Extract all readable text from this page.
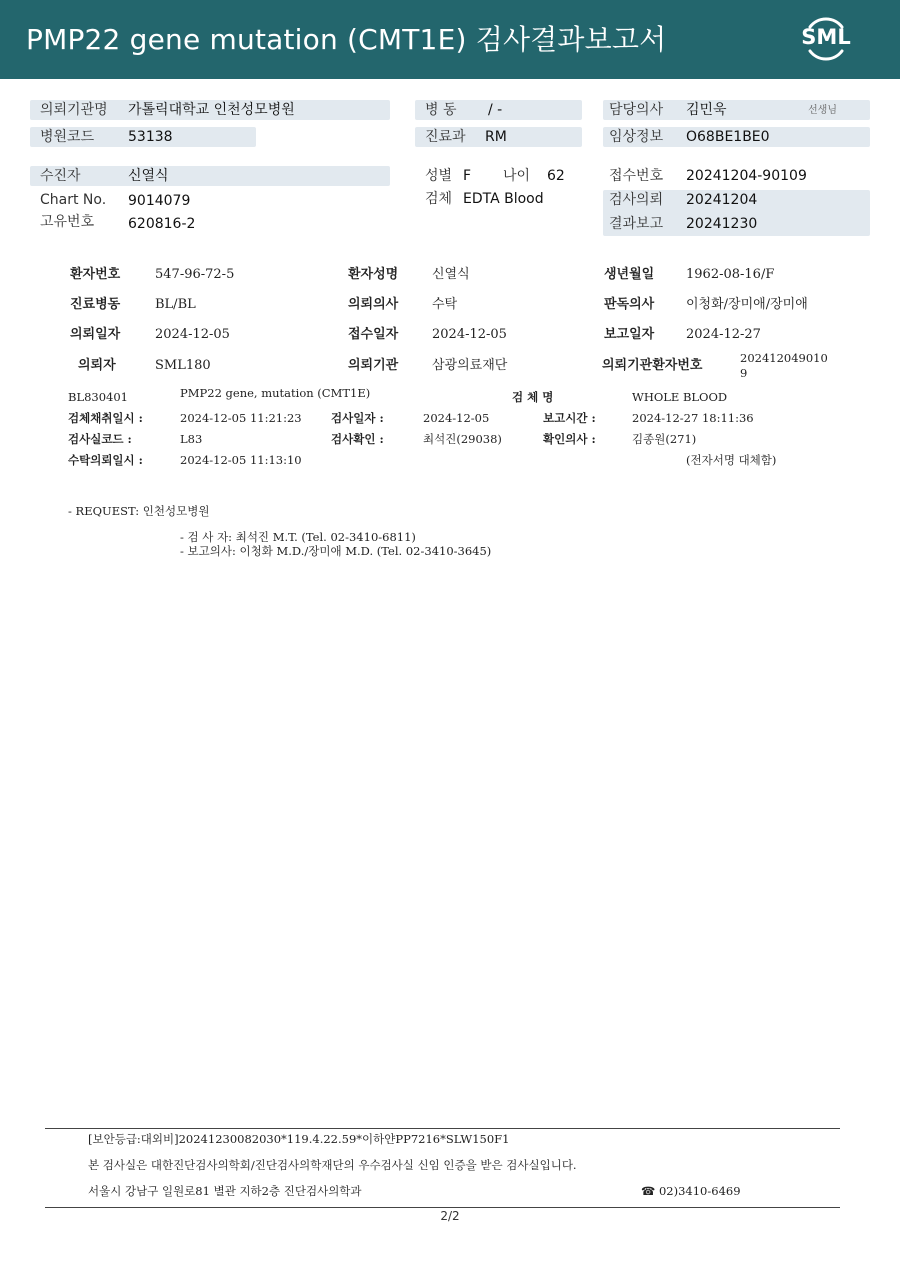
PMP22 gene mutation (CMT1E) 검사결과보고서	SML
의뢰기관명 가톨릭대학교 인천성모병원	병 동 / -	담당의사 김민욱	선생님
병원코드 53138	진료과 RM	임상정보 O68BE1BE0
수진자	신열식	성별 F 나이 62	접수번호 20241204-90109
Chart No. 9014079	검체 EDTA Blood	검사의뢰 20241204
고유번호 620816-2	결과보고 20241230
환자번호	547-96-72-5	환자성명	신열식	생년월일 1962-08-16/F
진료병동	BL/BL	의뢰의사	수탁	판독의사 이청화/장미애/장미애
의뢰일자	2024-12-05	접수일자	2024-12-05	보고일자 2024-12-27
의뢰자	SML180	의뢰기관	삼광의료재단	의뢰기관환자번호	202412049010
9
BL830401	PMP22 gene, mutation (CMT1E)	검 체 명	WHOLE BLOOD
검체채취일시 :	2024-12-05 11:21:23	검사일자 :	2024-12-05	보고시간 :	2024-12-27 18:11:36
검사실코드 :	L83	검사확인 :	최석진(29038)	확인의사 :	김종원(271)
수탁의뢰일시 :	2024-12-05 11:13:10	(전자서명 대체함)
- REQUEST: 인천성모병원
- 검 사 자: 최석진 M.T. (Tel. 02-3410-6811)
- 보고의사: 이청화 M.D./장미애 M.D. (Tel. 02-3410-3645)
[보안등급:대외비]20241230082030*119.4.22.59*이하얀PP7216*SLW150F1
본 검사실은 대한진단검사의학회/진단검사의학재단의 우수검사실 신임 인증을 받은 검사실입니다.
서울시 강남구 일원로81 별관 지하2층 진단검사의학과	☎ 02)3410-6469
2/2
